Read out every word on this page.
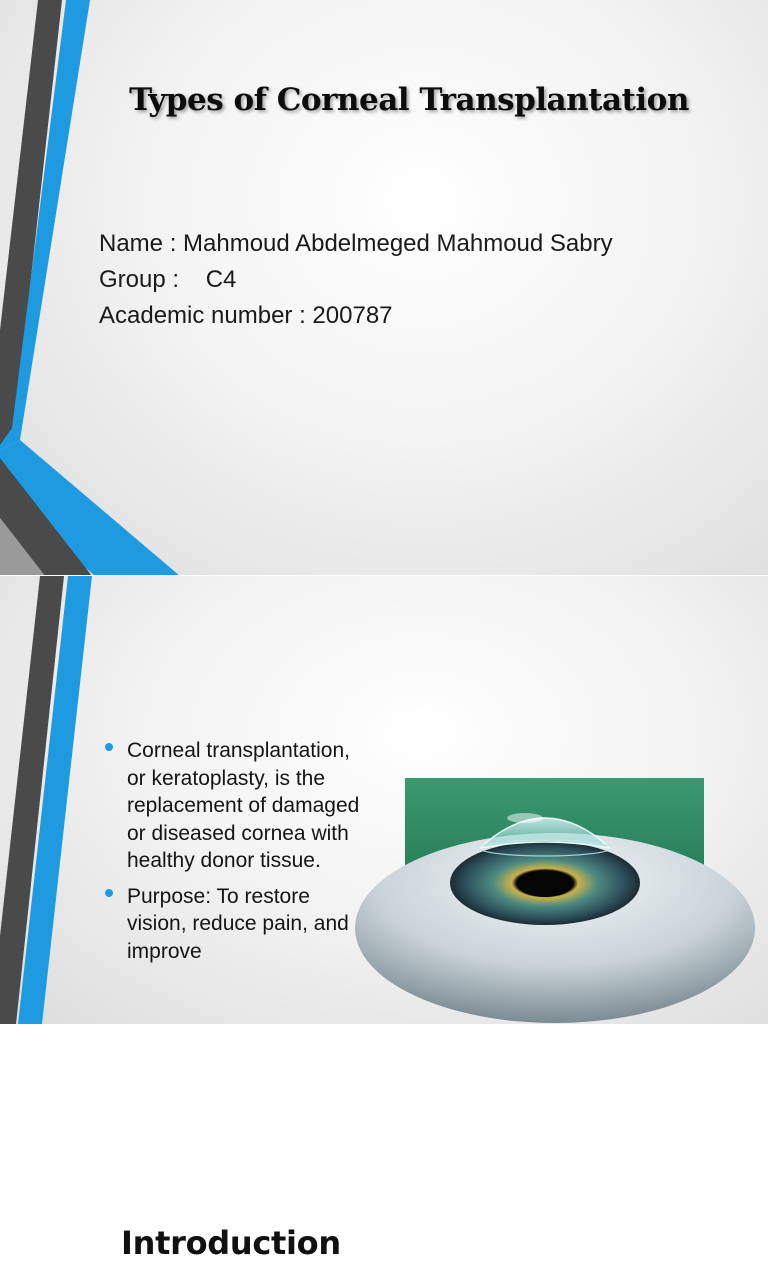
Types of Corneal Transplantation
Name : Mahmoud Abdelmeged Mahmoud Sabry
Group :    C4
Academic number : 200787
Introduction
Corneal transplantation, or keratoplasty, is the replacement of damaged or diseased cornea with healthy donor tissue.
Purpose: To restore vision, reduce pain, and improve
